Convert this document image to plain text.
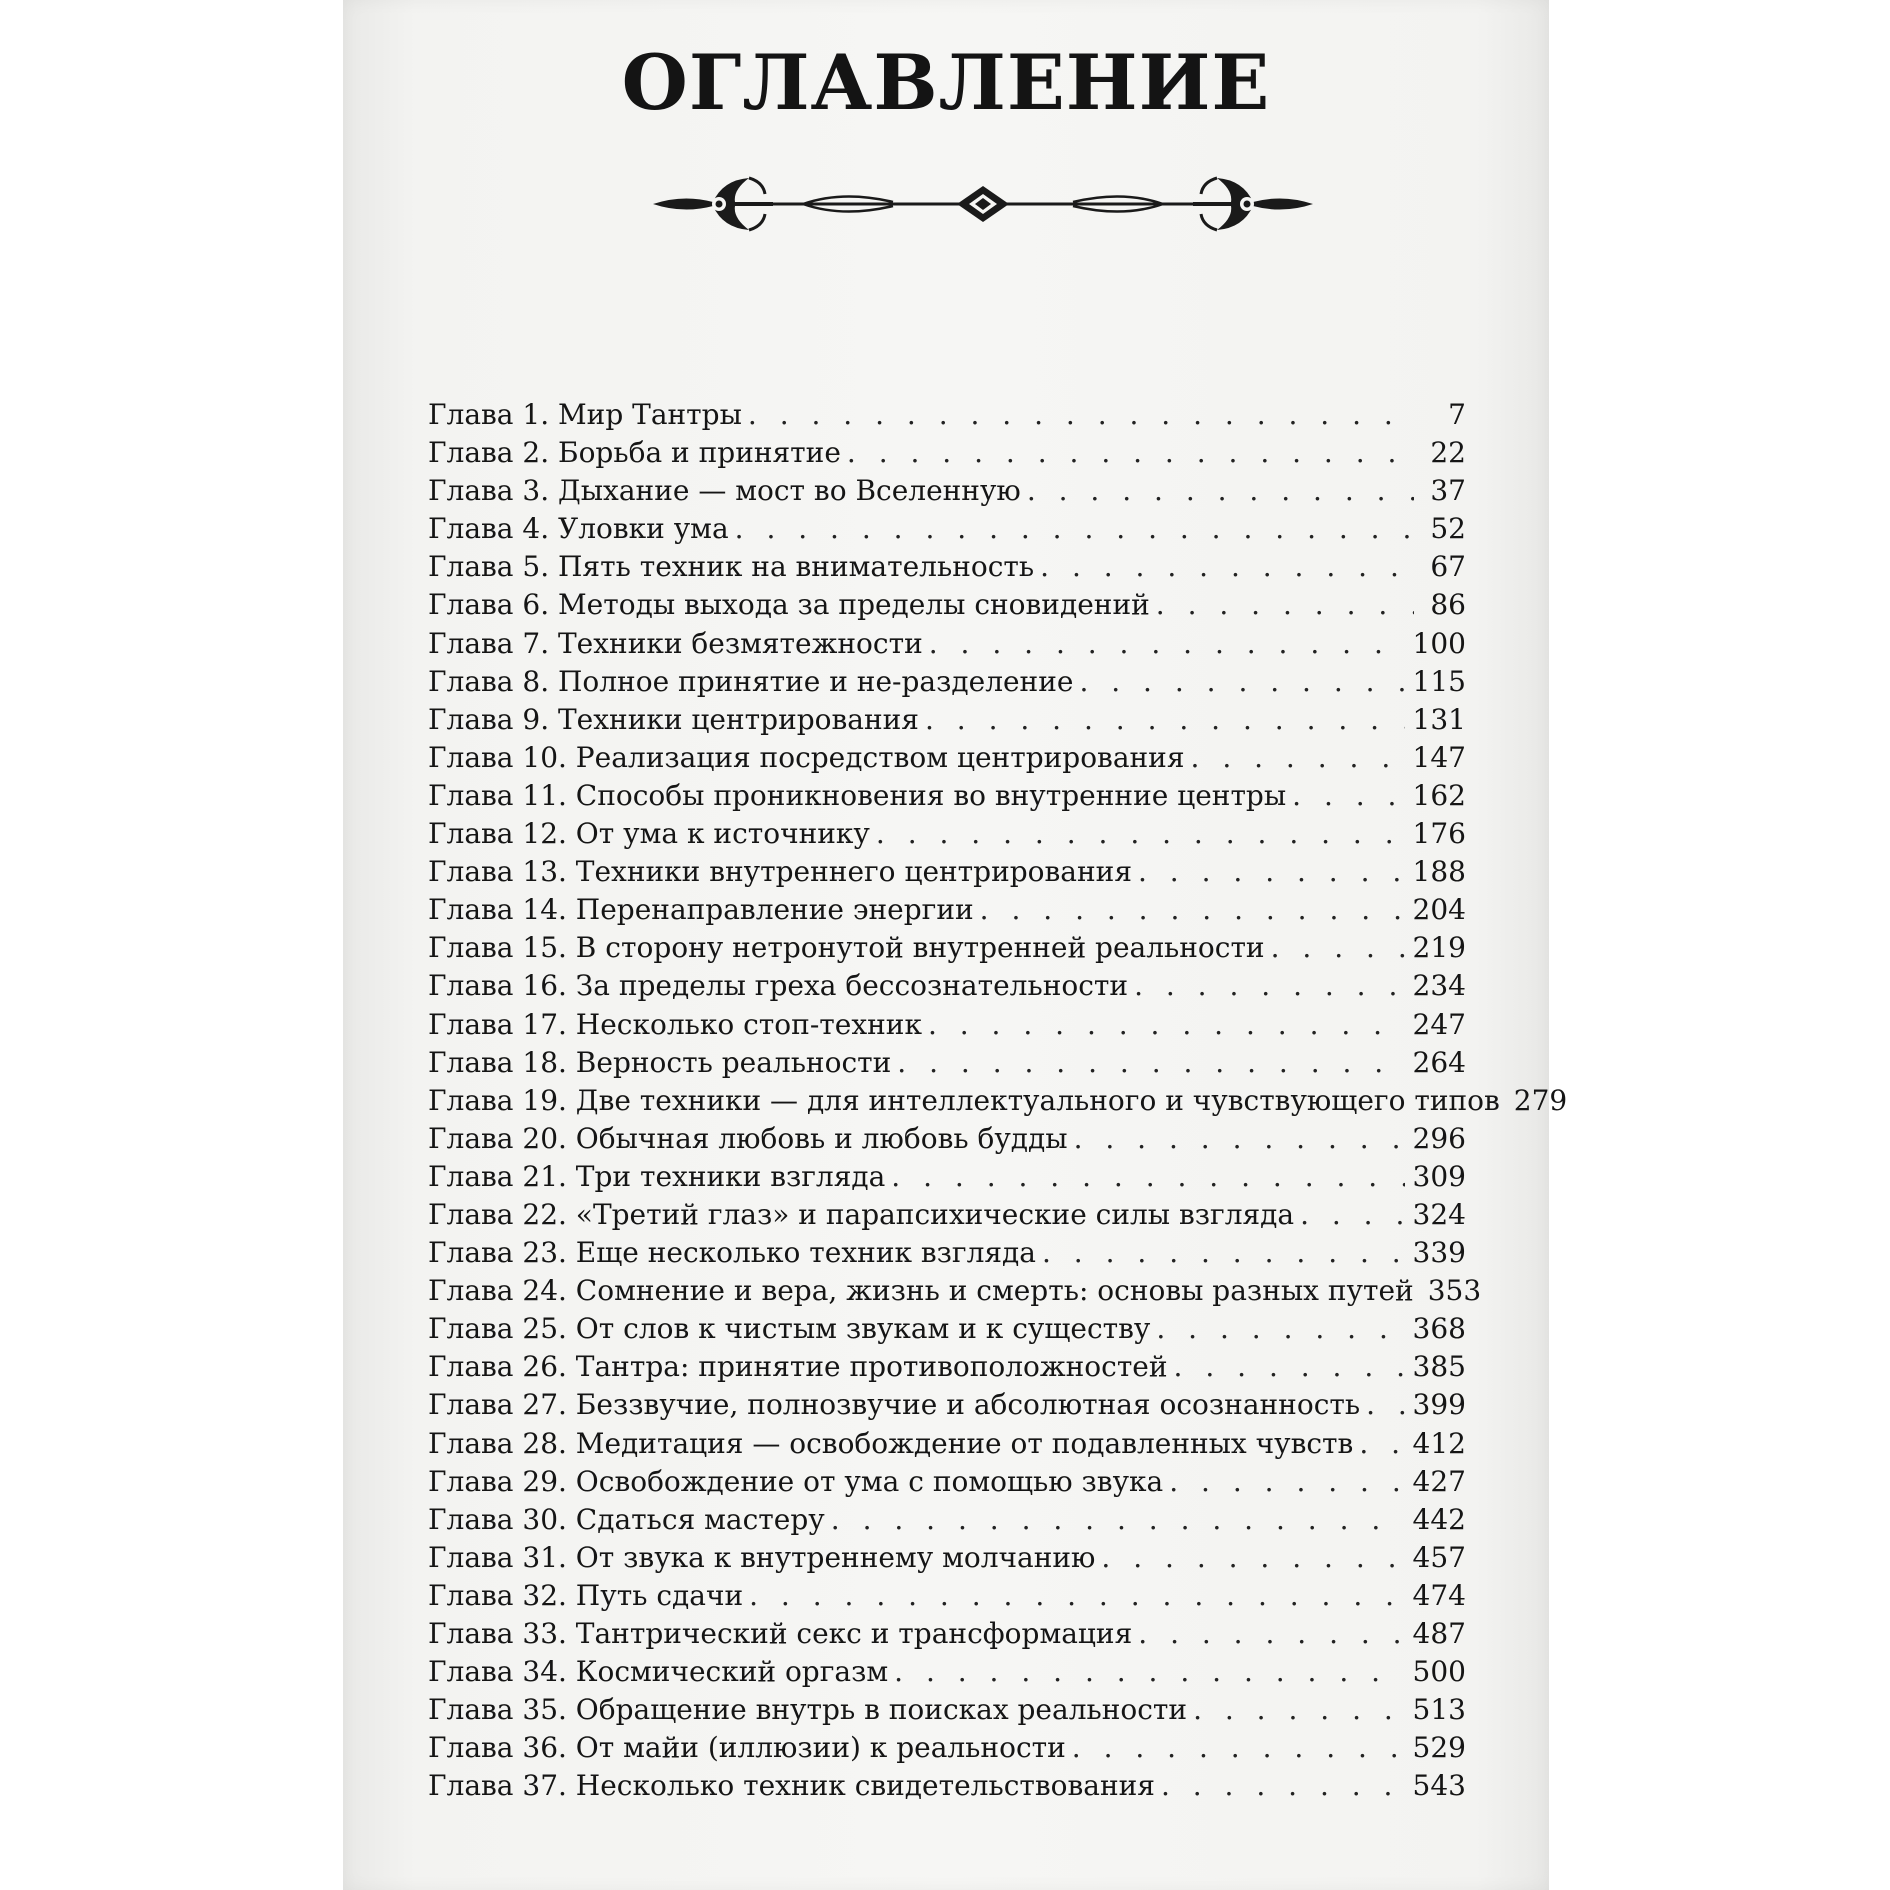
ОГЛАВЛЕНИЕ
Глава 1. Мир Тантры . . .	7
Глава 2. Борьба и принятие . . .	22
Глава 3. Дыхание — мост во Вселенную . . .	37
Глава 4. Уловки ума . . .	52
Глава 5. Пять техник на внимательность . . .	67
Глава 6. Методы выхода за пределы сновидений . . .	86
Глава 7. Техники безмятежности . . .	100
Глава 8. Полное принятие и не-разделение . . .	115
Глава 9. Техники центрирования . . .	131
Глава 10. Реализация посредством центрирования . . .	147
Глава 11. Способы проникновения во внутренние центры . . .	162
Глава 12. От ума к источнику . . .	176
Глава 13. Техники внутреннего центрирования . . .	188
Глава 14. Перенаправление энергии . . .	204
Глава 15. В сторону нетронутой внутренней реальности . . .	219
Глава 16. За пределы греха бессознательности . . .	234
Глава 17. Несколько стоп-техник . . .	247
Глава 18. Верность реальности . . .	264
Глава 19. Две техники — для интеллектуального и чувствующего типов . . . 279
Глава 20. Обычная любовь и любовь будды . . .	296
Глава 21. Три техники взгляда . . .	309
Глава 22. «Третий глаз» и парапсихические силы взгляда . . .	324
Глава 23. Еще несколько техник взгляда . . .	339
Глава 24. Сомнение и вера, жизнь и смерть: основы разных путей . . . 353
Глава 25. От слов к чистым звукам и к существу . . .	368
Глава 26. Тантра: принятие противоположностей . . .	385
Глава 27. Беззвучие, полнозвучие и абсолютная осознанность . . . 399
Глава 28. Медитация — освобождение от подавленных чувств . . . 412
Глава 29. Освобождение от ума с помощью звука . . .	427
Глава 30. Сдаться мастеру . . .	442
Глава 31. От звука к внутреннему молчанию . . .	457
Глава 32. Путь сдачи . . .	474
Глава 33. Тантрический секс и трансформация . . .	487
Глава 34. Космический оргазм . . .	500
Глава 35. Обращение внутрь в поисках реальности . . .	513
Глава 36. От майи (иллюзии) к реальности . . .	529
Глава 37. Несколько техник свидетельствования . . .	543
